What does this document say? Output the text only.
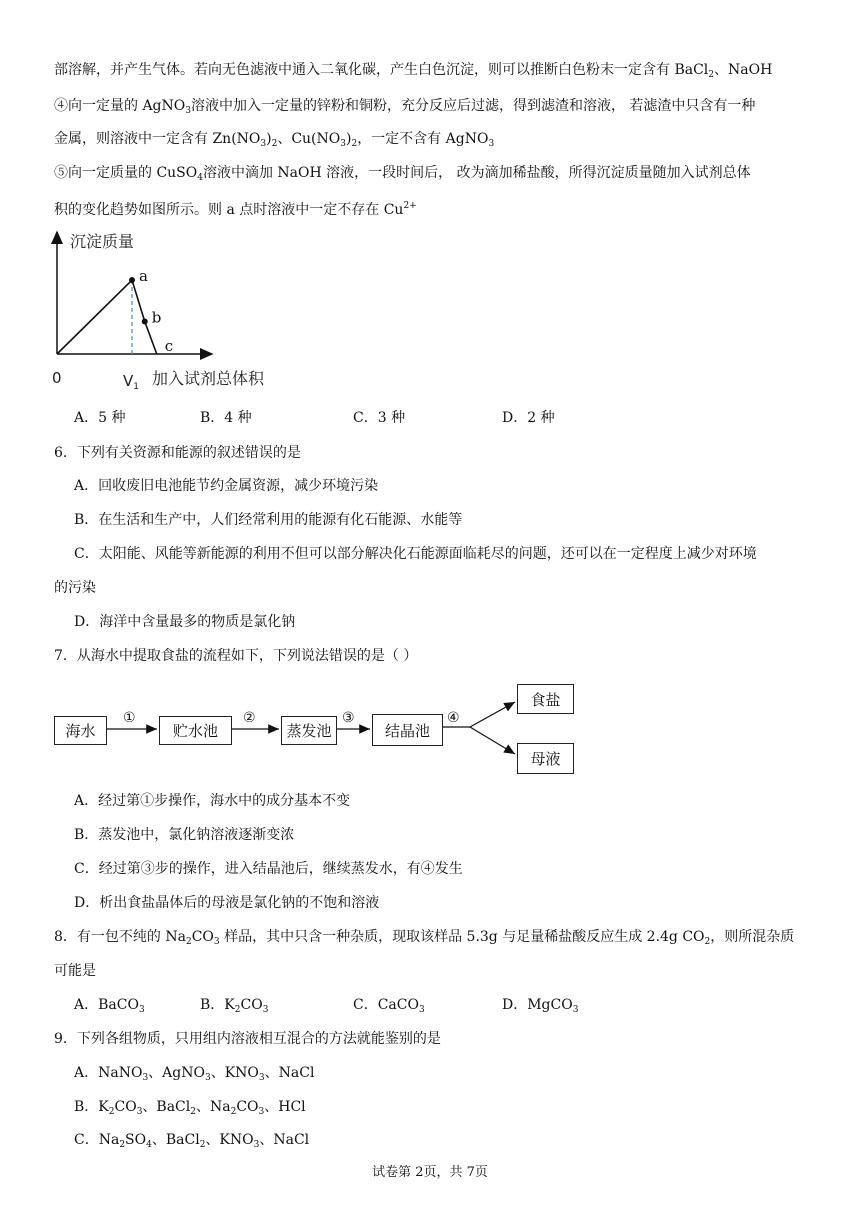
部溶解，并产生气体。若向无色滤液中通入二氧化碳，产生白色沉淀，则可以推断白色粉末一定含有 BaCl$_2$、NaOH
④向一定量的 AgNO$_3$溶液中加入一定量的锌粉和铜粉，充分反应后过滤，得到滤渣和溶液， 若滤渣中只含有一种
金属，则溶液中一定含有 $Zn(NO_3)_2$、$Cu(NO_3)_2$，一定不含有 AgNO$_3$
⑤向一定质量的 CuSO$_4$溶液中滴加 NaOH 溶液，一段时间后， 改为滴加稀盐酸，所得沉淀质量随加入试剂总体
积的变化趋势如图所示。则 a 点时溶液中一定不存在 $Cu^{2+}$
沉淀质量
0	$V_1$ 加入试剂总体积
a
b
c
A．5 种	B．4 种	C．3 种	D．2 种
6．下列有关资源和能源的叙述错误的是
A．回收废旧电池能节约金属资源，减少环境污染
B．在生活和生产中，人们经常利用的能源有化石能源、水能等
C．太阳能、风能等新能源的利用不但可以部分解决化石能源面临耗尽的问题，还可以在一定程度上减少对环境
的污染
D．海洋中含量最多的物质是氯化钠
7．从海水中提取食盐的流程如下，下列说法错误的是（ ）
海水	贮水池	蒸发池	结晶池
食盐
母液
①	②	③	④
A．经过第①步操作，海水中的成分基本不变
B．蒸发池中，氯化钠溶液逐渐变浓
C．经过第③步的操作，进入结晶池后，继续蒸发水，有④发生
D．析出食盐晶体后的母液是氯化钠的不饱和溶液
8．有一包不纯的 $Na_2CO_3$ 样品，其中只含一种杂质，现取该样品 5.3g 与足量稀盐酸反应生成 2.4g $CO_2$，则所混杂质
可能是
A．BaCO$_3$	B．$K_2CO_3$	C．CaCO$_3$	D．MgCO$_3$
9．下列各组物质，只用组内溶液相互混合的方法就能鉴别的是
A．NaNO$_3$、AgNO$_3$、$KNO_3$、NaCl
B．$K_2CO_3$、BaCl$_2$、$Na_2CO_3$、HCl
C．$Na_2SO_4$、BaCl$_2$、$KNO_3$、NaCl
试卷第 2页，共 7页
